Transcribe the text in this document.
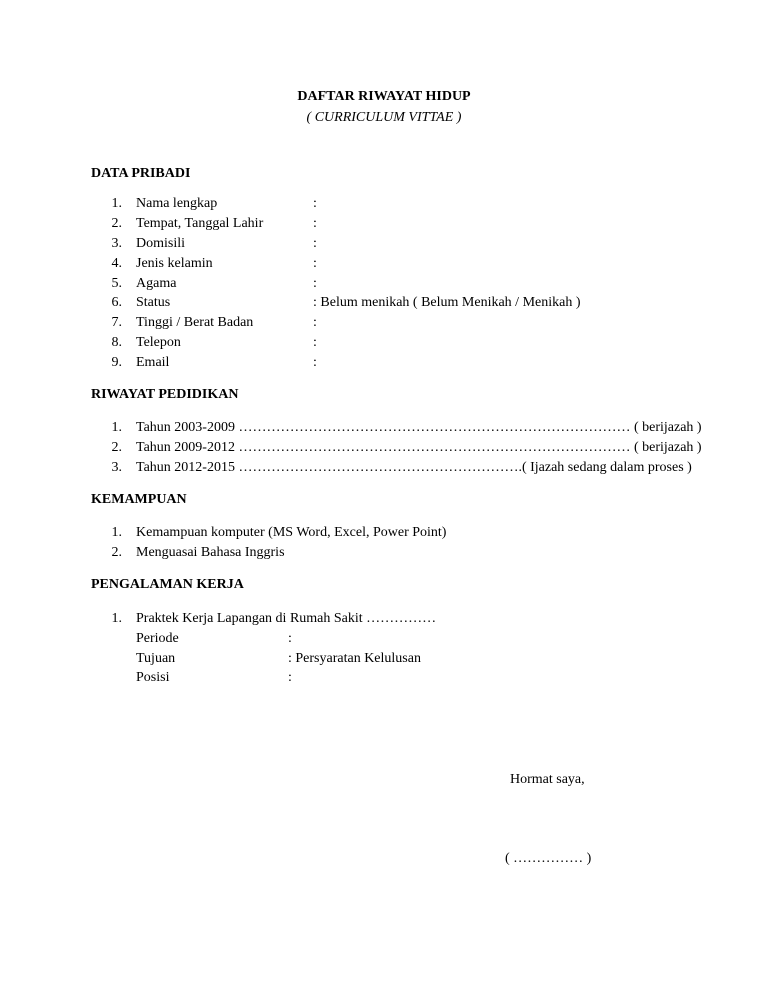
DAFTAR RIWAYAT HIDUP
( CURRICULUM VITTAE )
DATA PRIBADI
1. Nama lengkap	:
2. Tempat, Tanggal Lahir	:
3. Domisili	:
4. Jenis kelamin	:
5. Agama	:
6. Status	: Belum menikah ( Belum Menikah / Menikah )
7. Tinggi / Berat Badan	:
8. Telepon	:
9. Email	:
RIWAYAT PEDIDIKAN
1. Tahun 2003-2009 ………………………………………………………………………… ( berijazah )
2. Tahun 2009-2012 ………………………………………………………………………… ( berijazah )
3. Tahun 2012-2015 …………………………………………………….( Ijazah sedang dalam proses )
KEMAMPUAN
1. Kemampuan komputer (MS Word, Excel, Power Point)
2. Menguasai Bahasa Inggris
PENGALAMAN KERJA
1. Praktek Kerja Lapangan di Rumah Sakit ……………
Periode	:
Tujuan	: Persyaratan Kelulusan
Posisi	:
Hormat saya,
( …………… )
